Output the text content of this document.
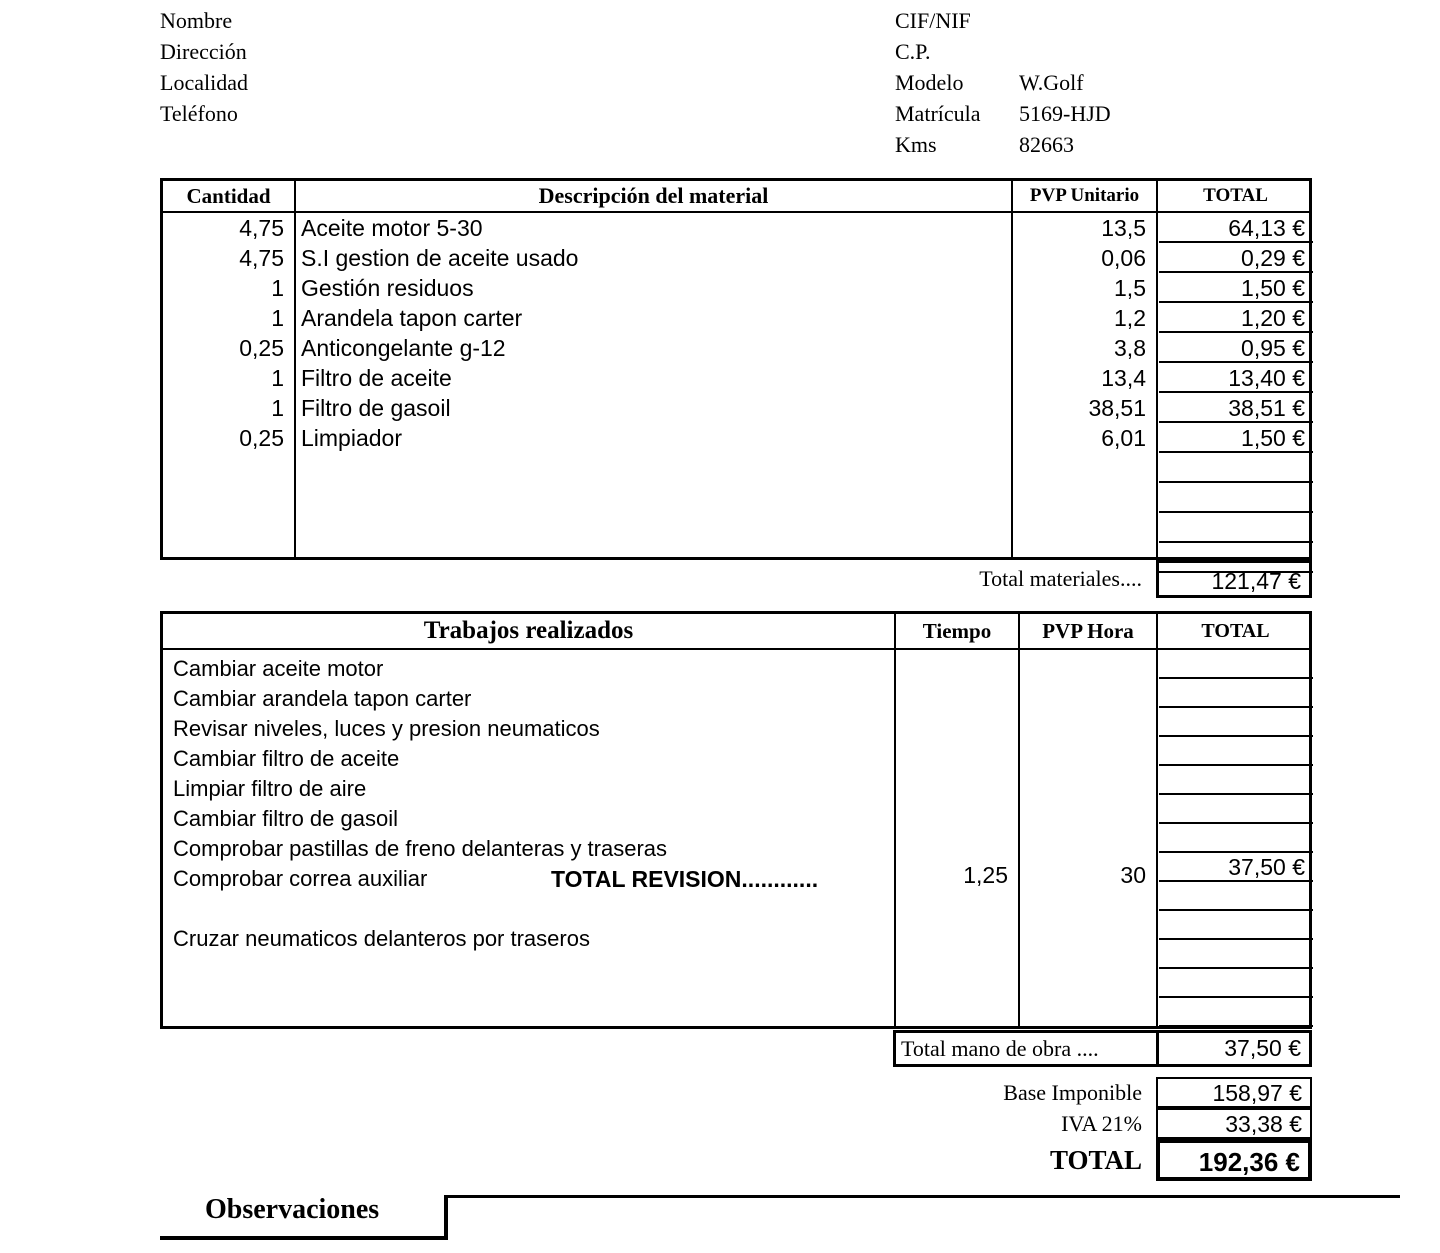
Nombre
Dirección
Localidad
Teléfono
CIF/NIF
C.P.
Modelo	W.Golf
Matrícula	5169-HJD
Kms	82663
Cantidad	Descripción del material	PVP Unitario	TOTAL
4,75 Aceite motor 5-30	13,5	64,13 €
4,75 S.I gestion de aceite usado	0,06	0,29 €
1 Gestión residuos	1,5	1,50 €
1 Arandela tapon carter	1,2	1,20 €
0,25 Anticongelante g-12	3,8	0,95 €
1 Filtro de aceite	13,4	13,40 €
1 Filtro de gasoil	38,51	38,51 €
0,25 Limpiador	6,01	1,50 €
Total materiales....	121,47 €
Trabajos realizados	Tiempo	PVP Hora	TOTAL
Cambiar aceite motor
Cambiar arandela tapon carter
Revisar niveles, luces y presion neumaticos
Cambiar filtro de aceite
Limpiar filtro de aire
Cambiar filtro de gasoil
Comprobar pastillas de freno delanteras y traseras
Comprobar correa auxiliar	TOTAL REVISION............
Cruzar neumaticos delanteros por traseros
1,25	30	37,50 €
Total mano de obra ....	37,50 €
Base Imponible	158,97 €
IVA 21%	33,38 €
TOTAL	192,36 €
Observaciones
